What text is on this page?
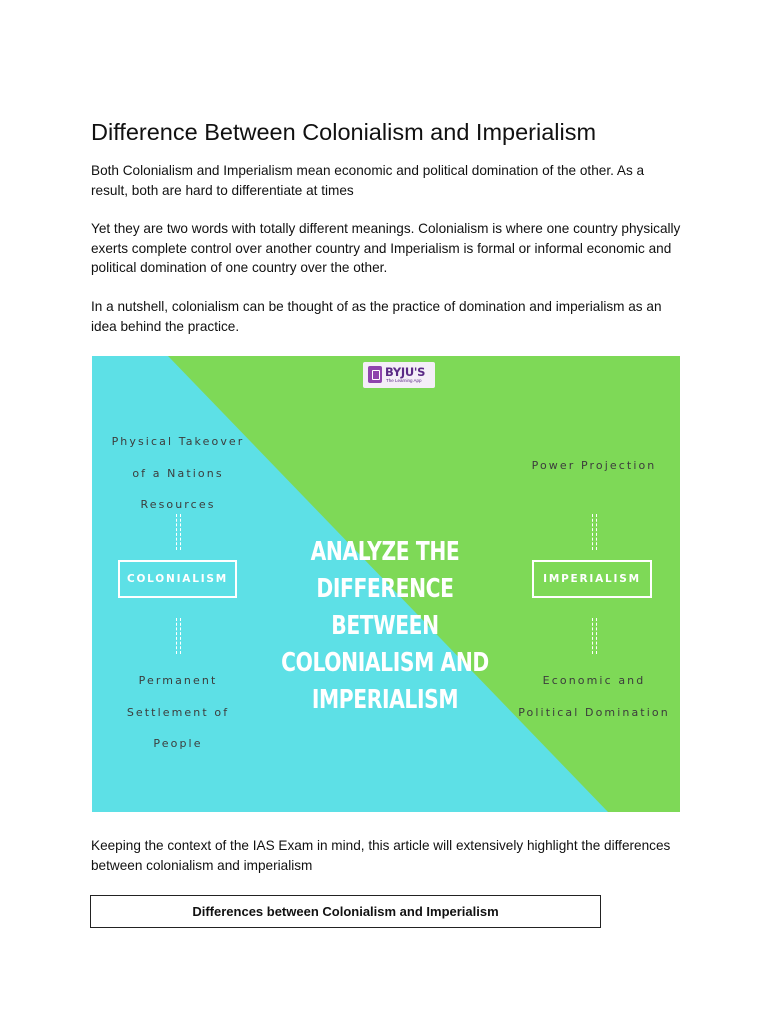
Difference Between Colonialism and Imperialism

Both Colonialism and Imperialism mean economic and political domination of the other. As a result, both are hard to differentiate at times

Yet they are two words with totally different meanings. Colonialism is where one country physically exerts complete control over another country and Imperialism is formal or informal economic and political domination of one country over the other.

In a nutshell, colonialism can be thought of as the practice of domination and imperialism as an idea behind the practice.

BYJU'S
The Learning App

Physical Takeover of a Nations Resources

COLONIALISM

Permanent Settlement of People

Power Projection

IMPERIALISM

Economic and Political Domination

ANALYZE THE DIFFERENCE BETWEEN COLONIALISM AND IMPERIALISM

Keeping the context of the IAS Exam in mind, this article will extensively highlight the differences between colonialism and imperialism

Differences between Colonialism and Imperialism
